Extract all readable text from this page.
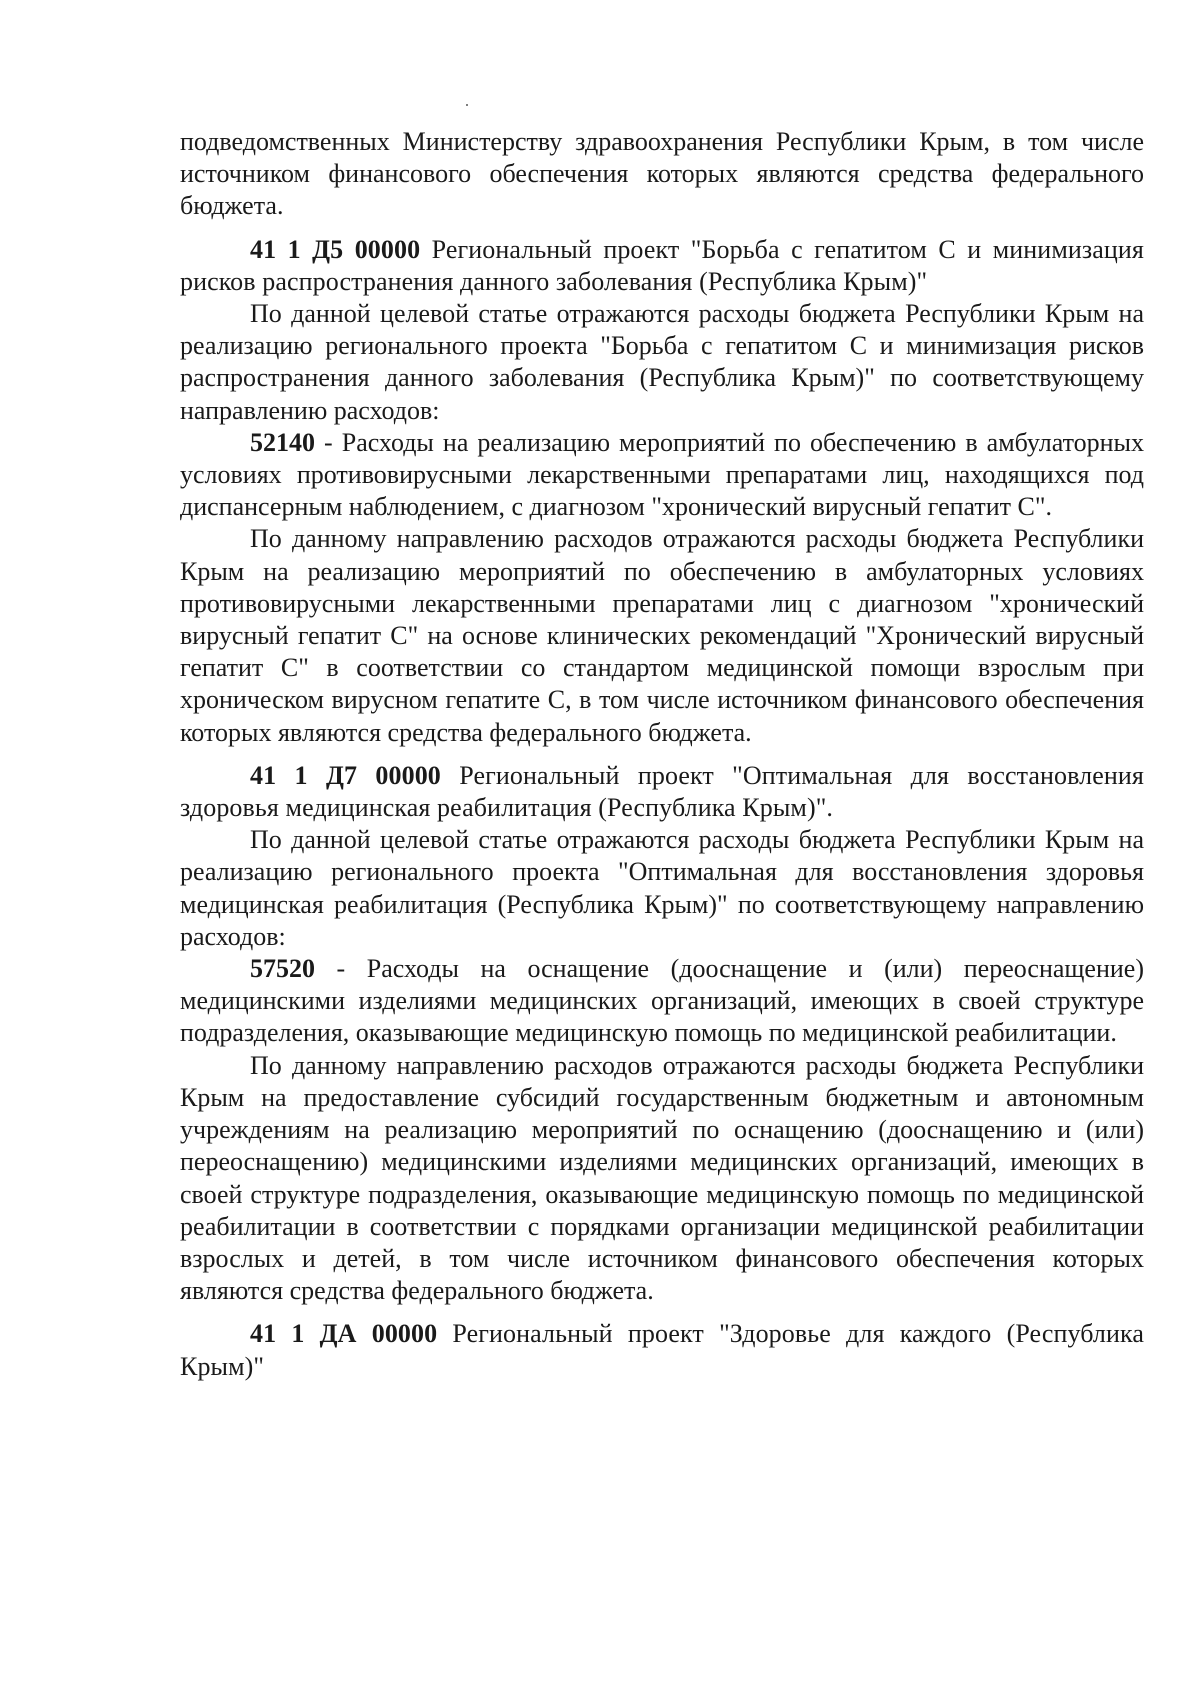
подведомственных Министерству здравоохранения Республики Крым, в том числе источником финансового обеспечения которых являются средства федерального бюджета.

41 1 Д5 00000 Региональный проект "Борьба с гепатитом С и минимизация рисков распространения данного заболевания (Республика Крым)"

По данной целевой статье отражаются расходы бюджета Республики Крым на реализацию регионального проекта "Борьба с гепатитом С и минимизация рисков распространения данного заболевания (Республика Крым)" по соответствующему направлению расходов:

52140 - Расходы на реализацию мероприятий по обеспечению в амбулаторных условиях противовирусными лекарственными препаратами лиц, находящихся под диспансерным наблюдением, с диагнозом "хронический вирусный гепатит С".

По данному направлению расходов отражаются расходы бюджета Республики Крым на реализацию мероприятий по обеспечению в амбулаторных условиях противовирусными лекарственными препаратами лиц с диагнозом "хронический вирусный гепатит С" на основе клинических рекомендаций "Хронический вирусный гепатит С" в соответствии со стандартом медицинской помощи взрослым при хроническом вирусном гепатите С, в том числе источником финансового обеспечения которых являются средства федерального бюджета.

41 1 Д7 00000 Региональный проект "Оптимальная для восстановления здоровья медицинская реабилитация (Республика Крым)".

По данной целевой статье отражаются расходы бюджета Республики Крым на реализацию регионального проекта "Оптимальная для восстановления здоровья медицинская реабилитация (Республика Крым)" по соответствующему направлению расходов:

57520 - Расходы на оснащение (дооснащение и (или) переоснащение) медицинскими изделиями медицинских организаций, имеющих в своей структуре подразделения, оказывающие медицинскую помощь по медицинской реабилитации.

По данному направлению расходов отражаются расходы бюджета Республики Крым на предоставление субсидий государственным бюджетным и автономным учреждениям на реализацию мероприятий по оснащению (дооснащению и (или) переоснащению) медицинскими изделиями медицинских организаций, имеющих в своей структуре подразделения, оказывающие медицинскую помощь по медицинской реабилитации в соответствии с порядками организации медицинской реабилитации взрослых и детей, в том числе источником финансового обеспечения которых являются средства федерального бюджета.

41 1 ДА 00000 Региональный проект "Здоровье для каждого (Республика Крым)"
